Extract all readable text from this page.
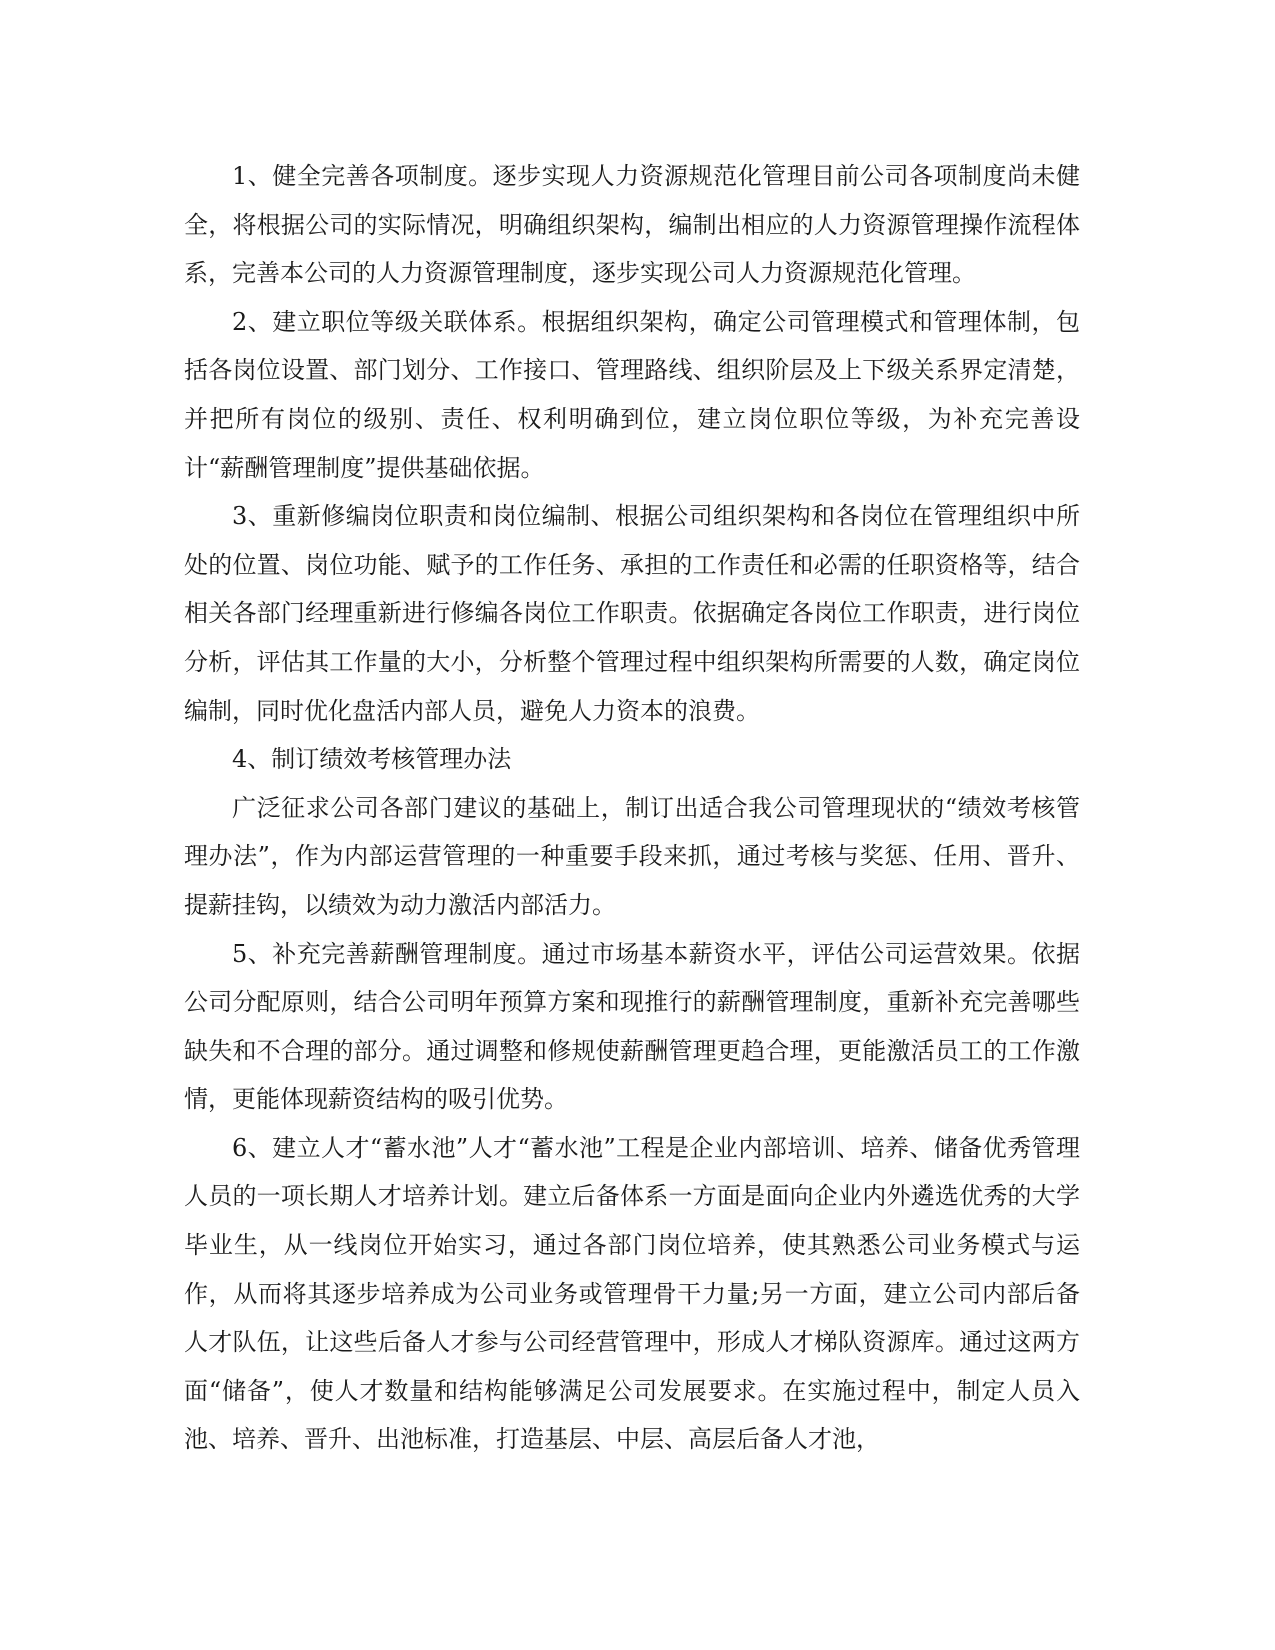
1、健全完善各项制度。逐步实现人力资源规范化管理目前公司各项制度尚未健全，将根据公司的实际情况，明确组织架构，编制出相应的人力资源管理操作流程体系，完善本公司的人力资源管理制度，逐步实现公司人力资源规范化管理。

2、建立职位等级关联体系。根据组织架构，确定公司管理模式和管理体制，包括各岗位设置、部门划分、工作接口、管理路线、组织阶层及上下级关系界定清楚，并把所有岗位的级别、责任、权利明确到位，建立岗位职位等级，为补充完善设计“薪酬管理制度”提供基础依据。

3、重新修编岗位职责和岗位编制、根据公司组织架构和各岗位在管理组织中所处的位置、岗位功能、赋予的工作任务、承担的工作责任和必需的任职资格等，结合相关各部门经理重新进行修编各岗位工作职责。依据确定各岗位工作职责，进行岗位分析，评估其工作量的大小，分析整个管理过程中组织架构所需要的人数，确定岗位编制，同时优化盘活内部人员，避免人力资本的浪费。

4、制订绩效考核管理办法

广泛征求公司各部门建议的基础上，制订出适合我公司管理现状的“绩效考核管理办法”，作为内部运营管理的一种重要手段来抓，通过考核与奖惩、任用、晋升、提薪挂钩，以绩效为动力激活内部活力。

5、补充完善薪酬管理制度。通过市场基本薪资水平，评估公司运营效果。依据公司分配原则，结合公司明年预算方案和现推行的薪酬管理制度，重新补充完善哪些缺失和不合理的部分。通过调整和修规使薪酬管理更趋合理，更能激活员工的工作激情，更能体现薪资结构的吸引优势。

6、建立人才“蓄水池”人才“蓄水池”工程是企业内部培训、培养、储备优秀管理人员的一项长期人才培养计划。建立后备体系一方面是面向企业内外遴选优秀的大学毕业生，从一线岗位开始实习，通过各部门岗位培养，使其熟悉公司业务模式与运作，从而将其逐步培养成为公司业务或管理骨干力量;另一方面，建立公司内部后备人才队伍，让这些后备人才参与公司经营管理中，形成人才梯队资源库。通过这两方面“储备”，使人才数量和结构能够满足公司发展要求。在实施过程中，制定人员入池、培养、晋升、出池标准，打造基层、中层、高层后备人才池，
